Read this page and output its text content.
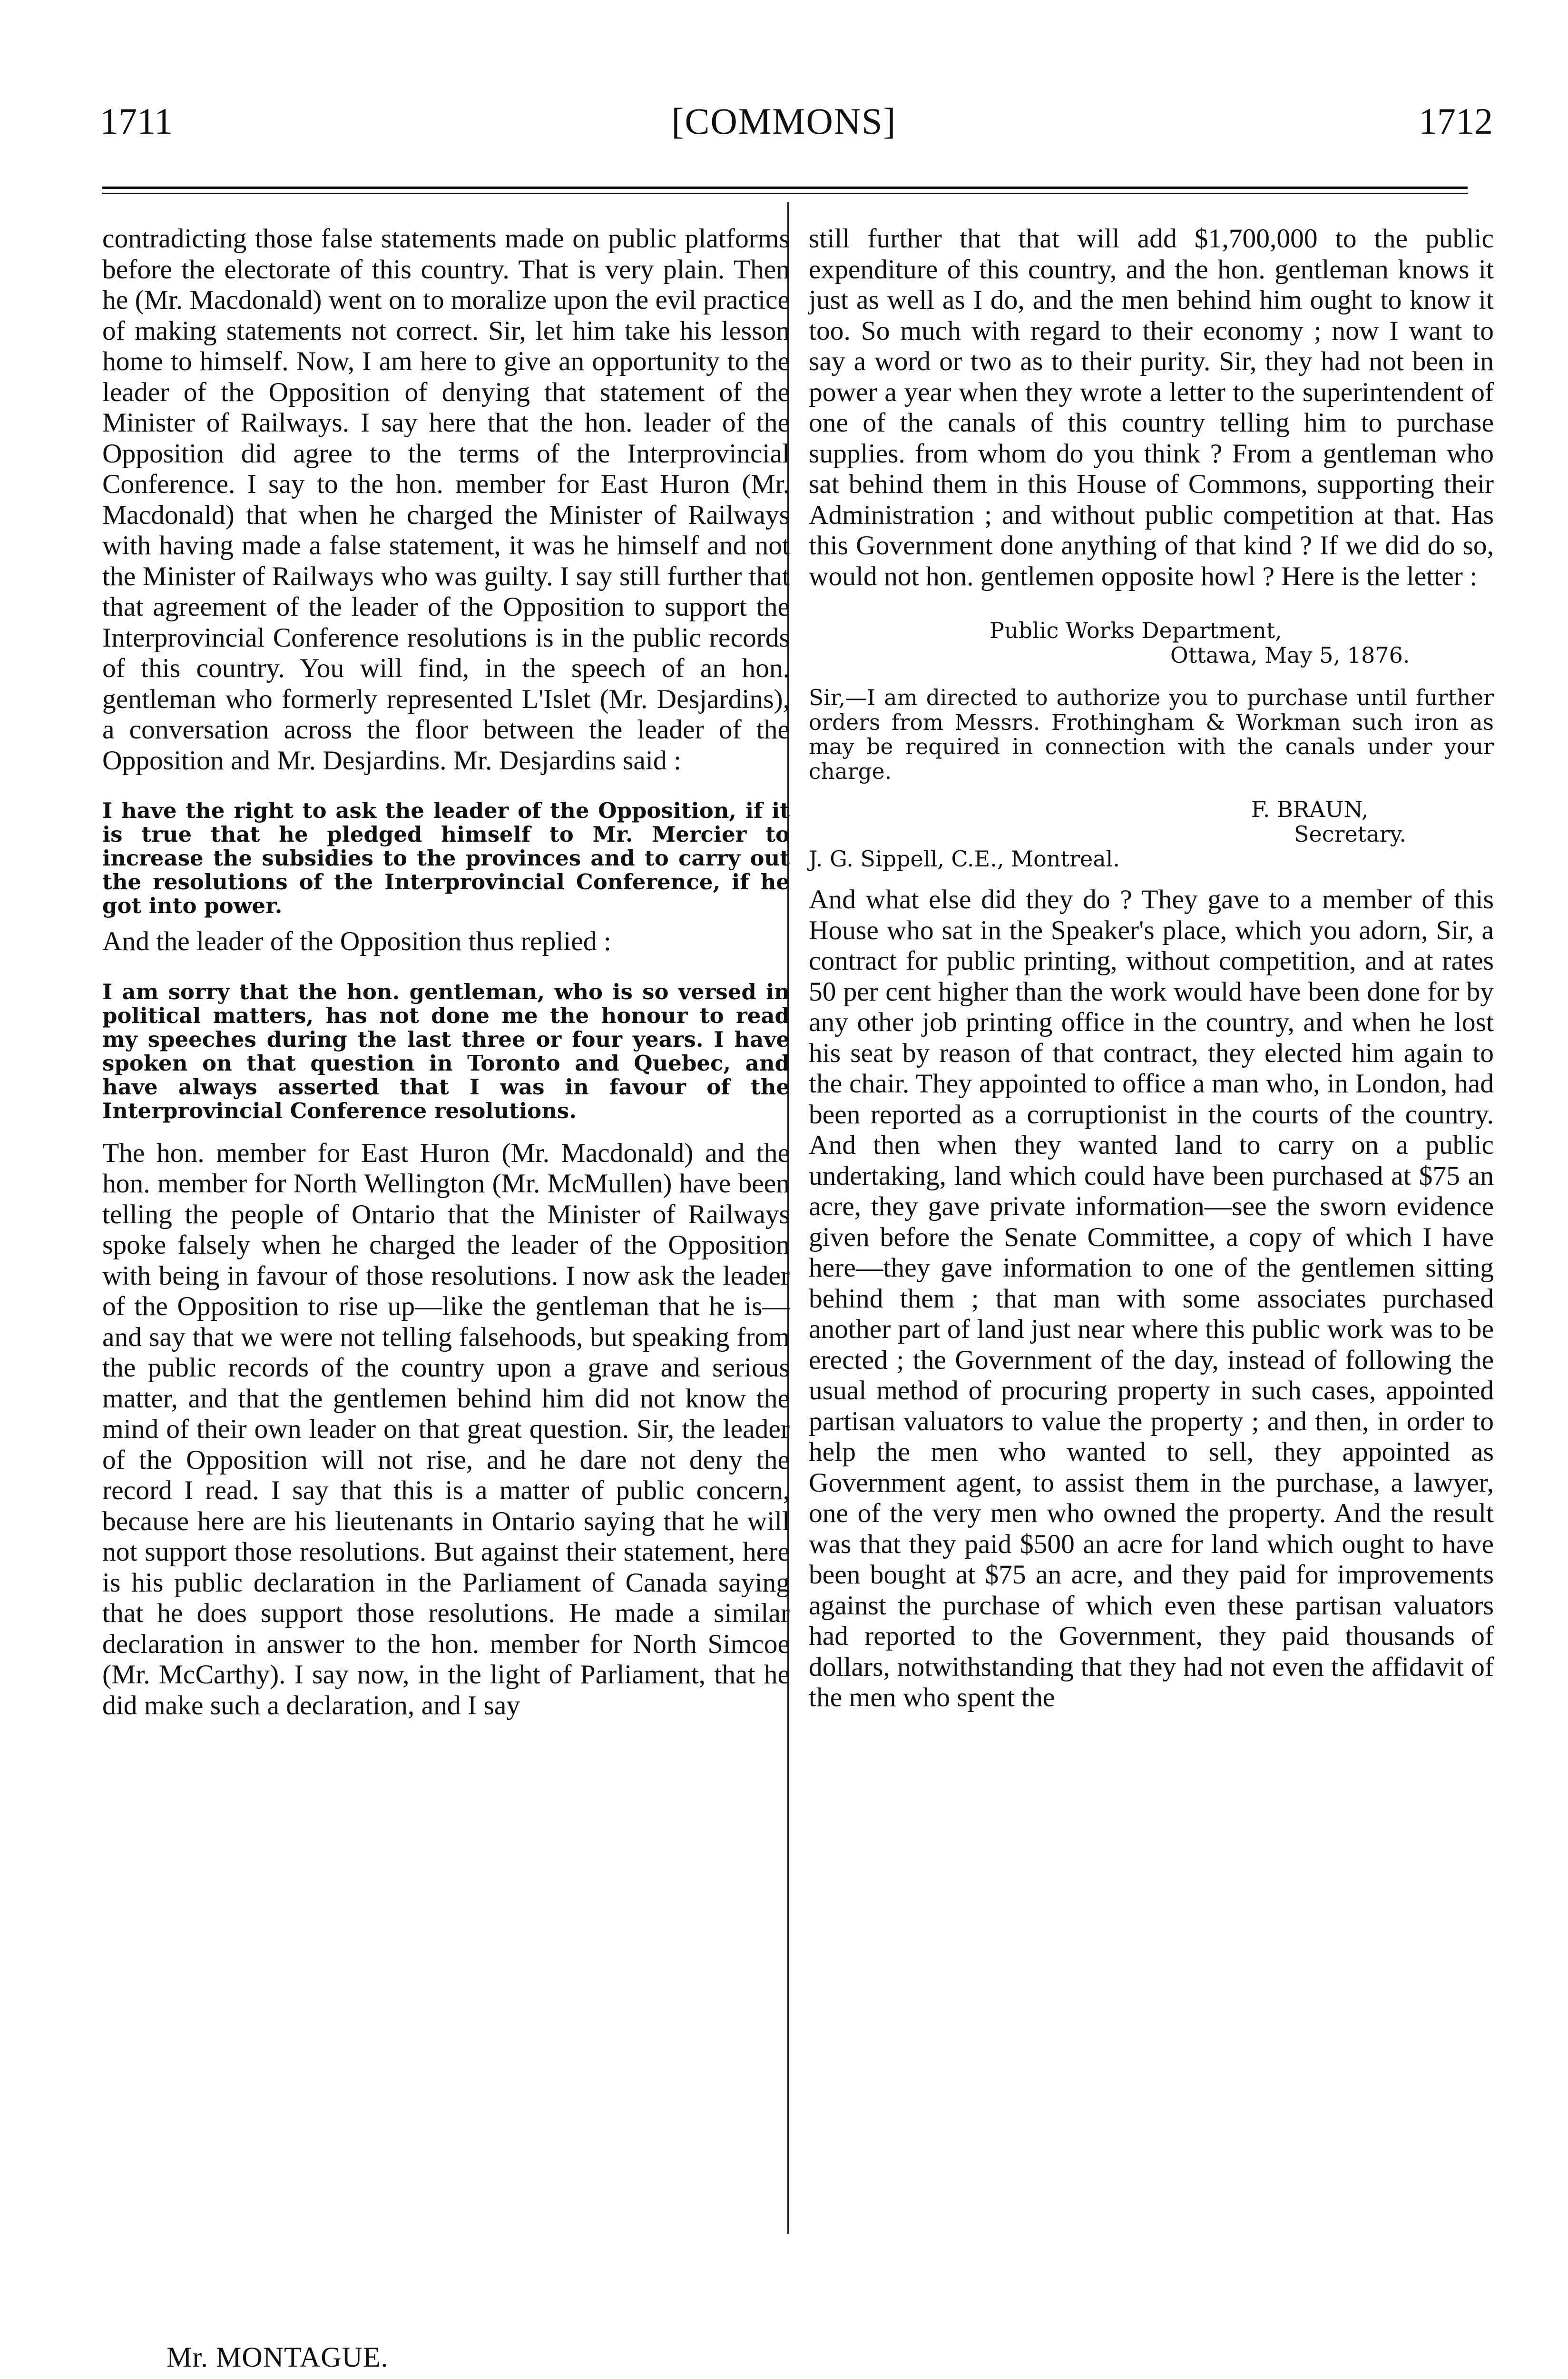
[COMMONS]
1711	1712

contradicting those false statements made on public platforms before the electorate of this country. That is very plain. Then he (Mr. Macdonald) went on to moralize upon the evil practice of making statements not correct. Sir, let him take his lesson home to himself. Now, I am here to give an opportunity to the leader of the Opposition of denying that statement of the Minister of Railways. I say here that the hon. leader of the Opposition did agree to the terms of the Interprovincial Conference. I say to the hon. member for East Huron (Mr. Macdonald) that when he charged the Minister of Railways with having made a false statement, it was he himself and not the Minister of Railways who was guilty. I say still further that that agreement of the leader of the Opposition to support the Interprovincial Conference resolutions is in the public records of this country. You will find, in the speech of an hon. gentleman who formerly represented L'Islet (Mr. Desjardins), a conversation across the floor between the leader of the Opposition and Mr. Desjardins. Mr. Desjardins said :

I have the right to ask the leader of the Opposition, if it is true that he pledged himself to Mr. Mercier to increase the subsidies to the provinces and to carry out the resolutions of the Interprovincial Conference, if he got into power.

And the leader of the Opposition thus replied :

I am sorry that the hon. gentleman, who is so versed in political matters, has not done me the honour to read my speeches during the last three or four years. I have spoken on that question in Toronto and Quebec, and have always asserted that I was in favour of the Interprovincial Conference resolutions.

The hon. member for East Huron (Mr. Macdonald) and the hon. member for North Wellington (Mr. McMullen) have been telling the people of Ontario that the Minister of Railways spoke falsely when he charged the leader of the Opposition with being in favour of those resolutions. I now ask the leader of the Opposition to rise up—like the gentleman that he is—and say that we were not telling falsehoods, but speaking from the public records of the country upon a grave and serious matter, and that the gentlemen behind him did not know the mind of their own leader on that great question. Sir, the leader of the Opposition will not rise, and he dare not deny the record I read. I say that this is a matter of public concern, because here are his lieutenants in Ontario saying that he will not support those resolutions. But against their statement, here is his public declaration in the Parliament of Canada saying that he does support those resolutions. He made a similar declaration in answer to the hon. member for North Simcoe (Mr. McCarthy). I say now, in the light of Parliament, that he did make such a declaration, and I say

still further that that will add $1,700,000 to the public expenditure of this country, and the hon. gentleman knows it just as well as I do, and the men behind him ought to know it too. So much with regard to their economy ; now I want to say a word or two as to their purity. Sir, they had not been in power a year when they wrote a letter to the superintendent of one of the canals of this country telling him to purchase supplies. from whom do you think ? From a gentleman who sat behind them in this House of Commons, supporting their Administration ; and without public competition at that. Has this Government done anything of that kind ? If we did do so, would not hon. gentlemen opposite howl ? Here is the letter :

Public Works Department,
Ottawa, May 5, 1876.

Sir,—I am directed to authorize you to purchase until further orders from Messrs. Frothingham & Workman such iron as may be required in connection with the canals under your charge.

F. BRAUN,
Secretary.
J. G. Sippell, C.E., Montreal.

And what else did they do ? They gave to a member of this House who sat in the Speaker's place, which you adorn, Sir, a contract for public printing, without competition, and at rates 50 per cent higher than the work would have been done for by any other job printing office in the country, and when he lost his seat by reason of that contract, they elected him again to the chair. They appointed to office a man who, in London, had been reported as a corruptionist in the courts of the country. And then when they wanted land to carry on a public undertaking, land which could have been purchased at $75 an acre, they gave private information—see the sworn evidence given before the Senate Committee, a copy of which I have here—they gave information to one of the gentlemen sitting behind them ; that man with some associates purchased another part of land just near where this public work was to be erected ; the Government of the day, instead of following the usual method of procuring property in such cases, appointed partisan valuators to value the property ; and then, in order to help the men who wanted to sell, they appointed as Government agent, to assist them in the purchase, a lawyer, one of the very men who owned the property. And the result was that they paid $500 an acre for land which ought to have been bought at $75 an acre, and they paid for improvements against the purchase of which even these partisan valuators had reported to the Government, they paid thousands of dollars, notwithstanding that they had not even the affidavit of the men who spent the

Mr. MONTAGUE.
